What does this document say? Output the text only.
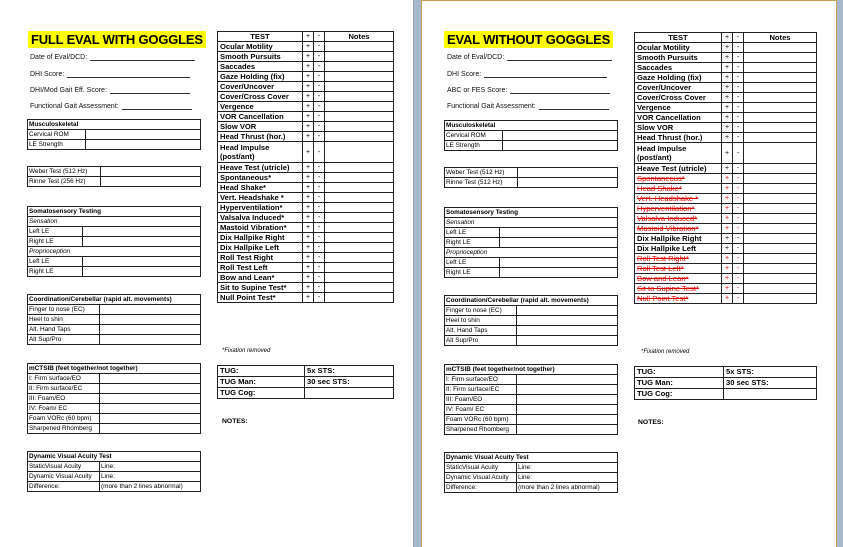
FULL EVAL WITH GOGGLES
Date of Eval/DCD:
DHI Score:
DHI/Mod Gait Eff. Score:
Functional Gait Assessment:
Musculoskeletal	
Cervical ROM	
LE Strength	
Weber Test (512 Hz)	
Rinne Test (256 Hz)	
Somatosensory Testing	
Sensation	
Left LE	
Right LE	
Proprioception	
Left LE	
Right LE	
Coordination/Cerebellar (rapid alt. movements)	
Finger to nose (EC)	
Heel to shin	
Alt. Hand Taps	
Alt Sup/Pro	
mCTSIB (feet together/not together)	
I: Firm surface/EO	
II: Firm surface/EC	
III: Foam/EO	
IV: Foam/ EC	
Foam VORc (60 bpm)	
Sharpened Rhomberg	
Dynamic Visual Acuity Test	
StaticVisual Acuity	Line:
Dynamic Visual Acuity	Line:
Difference:	(more than 2 lines abnormal)
TEST	+	-	Notes
Ocular Motility	+	-	
Smooth Pursuits	+	-	
Saccades	+	-	
Gaze Holding (fix)	+	-	
Cover/Uncover	+	-	
Cover/Cross Cover	+	-	
Vergence	+	-	
VOR Cancellation	+	-	
Slow VOR	+	-	
Head Thrust (hor.)	+	-	
Head Impulse (post/ant)	+	-	
Heave Test (utricle)	+	-	
Spontaneous*	+	-	
Head Shake*	+	-	
Vert. Headshake *	+	-	
Hyperventilation*	+	-	
Valsalva Induced*	+	-	
Mastoid Vibration*	+	-	
Dix Hallpike Right	+	-	
Dix Hallpike Left	+	-	
Roll Test Right	+	-	
Roll Test Left	+	-	
Bow and Lean*	+	-	
Sit to Supine Test*	+	-	
Null Point Test*	+	-	
*Fixation removed
TUG:	5x STS:
TUG Man:	30 sec STS:
TUG Cog:	
NOTES:
EVAL WITHOUT GOGGLES
Date of Eval/DCD:
DHI Score:
ABC or FES Score:
Functional Gait Assessment:
Musculoskeletal	
Cervical ROM	
LE Strength	
Weber Test (512 Hz)	
Rinne Test (512 Hz)	
Somatosensory Testing	
Sensation	
Left LE	
Right LE	
Proprioception	
Left LE	
Right LE	
Coordination/Cerebellar (rapid alt. movements)	
Finger to nose (EC)	
Heel to shin	
Alt. Hand Taps	
Alt Sup/Pro	
mCTSIB (feet together/not together)	
I: Firm surface/EO	
II: Firm surface/EC	
III: Foam/EO	
IV: Foam/ EC	
Foam VORc (60 bpm)	
Sharpened Rhomberg	
Dynamic Visual Acuity Test	
StaticVisual Acuity	Line:
Dynamic Visual Acuity	Line:
Difference:	(more than 2 lines abnormal)
TEST	+	-	Notes
Ocular Motility	+	-	
Smooth Pursuits	+	-	
Saccades	+	-	
Gaze Holding (fix)	+	-	
Cover/Uncover	+	-	
Cover/Cross Cover	+	-	
Vergence	+	-	
VOR Cancellation	+	-	
Slow VOR	+	-	
Head Thrust (hor.)	+	-	
Head Impulse (post/ant)	+	-	
Heave Test (utricle)	+	-	
Spontaneous*	+	-	
Head Shake*	+	-	
Vert. Headshake *	+	-	
Hyperventilation*	+	-	
Valsalva Induced*	+	-	
Mastoid Vibration*	+	-	
Dix Hallpike Right	+	-	
Dix Hallpike Left	+	-	
Roll Test Right*	+	-	
Roll Test Left*	+	-	
Bow and Lean*	+	-	
Sit to Supine Test*	+	-	
Null Point Test*	+	-	
*Fixation removed
TUG:	5x STS:
TUG Man:	30 sec STS:
TUG Cog:	
NOTES:
